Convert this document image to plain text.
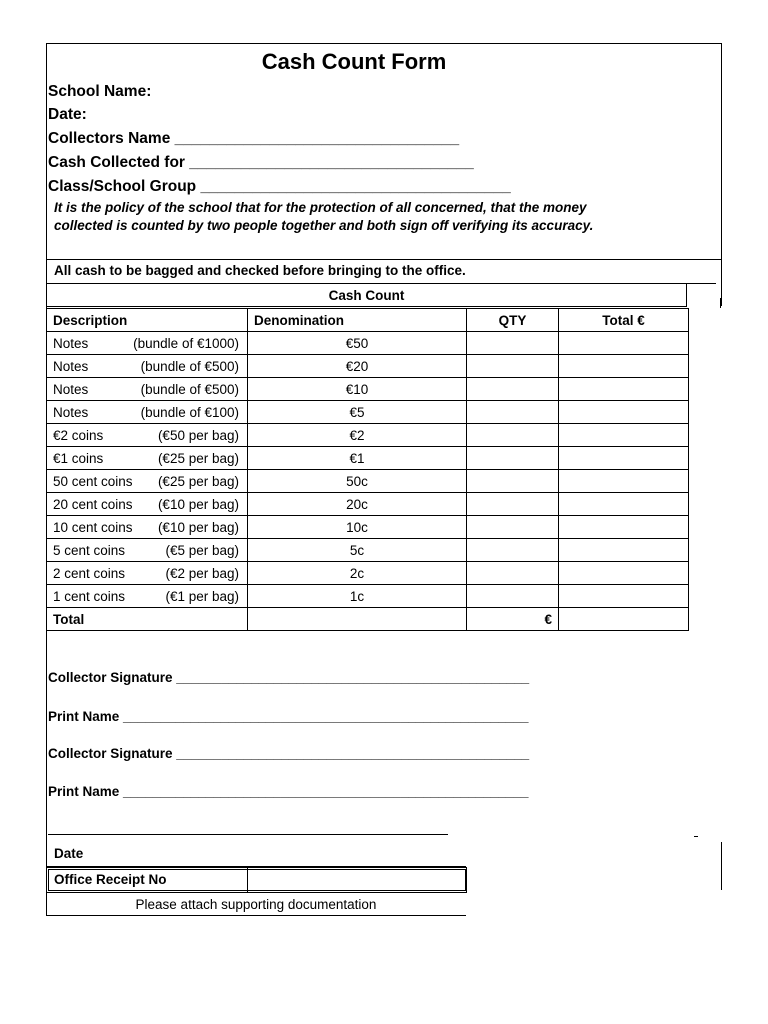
Cash Count Form
School Name:
Date:
Collectors Name _________________________________
Cash Collected for _________________________________
Class/School Group ____________________________________
It is the policy of the school that for the protection of all concerned, that the money
collected is counted by two people together and both sign off verifying its accuracy.
All cash to be bagged and checked before bringing to the office.
Cash Count
Description	Denomination	QTY	Total €

Notes (bundle of €1000)	€50		

Notes (bundle of €500)	€20		

Notes (bundle of €500)	€10		

Notes (bundle of €100)	€5		

€2 coins (€50 per bag)	€2		

€1 coins (€25 per bag)	€1		

50 cent coins (€25 per bag)	50c		

20 cent coins (€10 per bag)	20c		

10 cent coins (€10 per bag)	10c		

5 cent coins (€5 per bag)	5c		

2 cent coins (€2 per bag)	2c		

1 cent coins (€1 per bag)	1c		
Total		€	
Collector Signature _______________________________________________
Print Name ______________________________________________________
Collector Signature _______________________________________________
Print Name ______________________________________________________
Date
Office Receipt No
Please attach supporting documentation
